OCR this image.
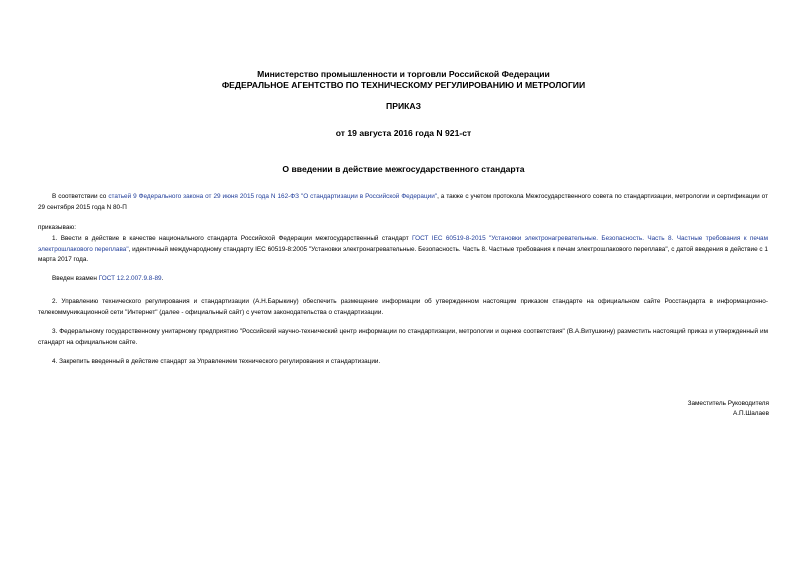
Министерство промышленности и торговли Российской Федерации
ФЕДЕРАЛЬНОЕ АГЕНТСТВО ПО ТЕХНИЧЕСКОМУ РЕГУЛИРОВАНИЮ И МЕТРОЛОГИИ
ПРИКАЗ
от 19 августа 2016 года N 921-ст
О введении в действие межгосударственного стандарта
В соответствии со статьей 9 Федерального закона от 29 июня 2015 года N 162-ФЗ "О стандартизации в Российской Федерации", а также с учетом протокола Межгосударственного совета по стандартизации, метрологии и сертификации от 29 сентября 2015 года N 80-П
приказываю:
1. Ввести в действие в качестве национального стандарта Российской Федерации межгосударственный стандарт ГОСТ IEC 60519-8-2015 "Установки электронагревательные. Безопасность. Часть 8. Частные требования к печам электрошлакового переплава", идентичный международному стандарту IEC 60519-8:2005 "Установки электронагревательные. Безопасность. Часть 8. Частные требования к печам электрошлакового переплава", с датой введения в действие с 1 марта 2017 года.
Введен взамен ГОСТ 12.2.007.9.8-89.
2. Управлению технического регулирования и стандартизации (А.Н.Барыкину) обеспечить размещение информации об утвержденном настоящим приказом стандарте на официальном сайте Росстандарта в информационно-телекоммуникационной сети "Интернет" (далее - официальный сайт) с учетом законодательства о стандартизации.
3. Федеральному государственному унитарному предприятию "Российский научно-технический центр информации по стандартизации, метрологии и оценке соответствия" (В.А.Витушкину) разместить настоящий приказ и утвержденный им стандарт на официальном сайте.
4. Закрепить введенный в действие стандарт за Управлением технического регулирования и стандартизации.
Заместитель Руководителя
А.П.Шалаев
